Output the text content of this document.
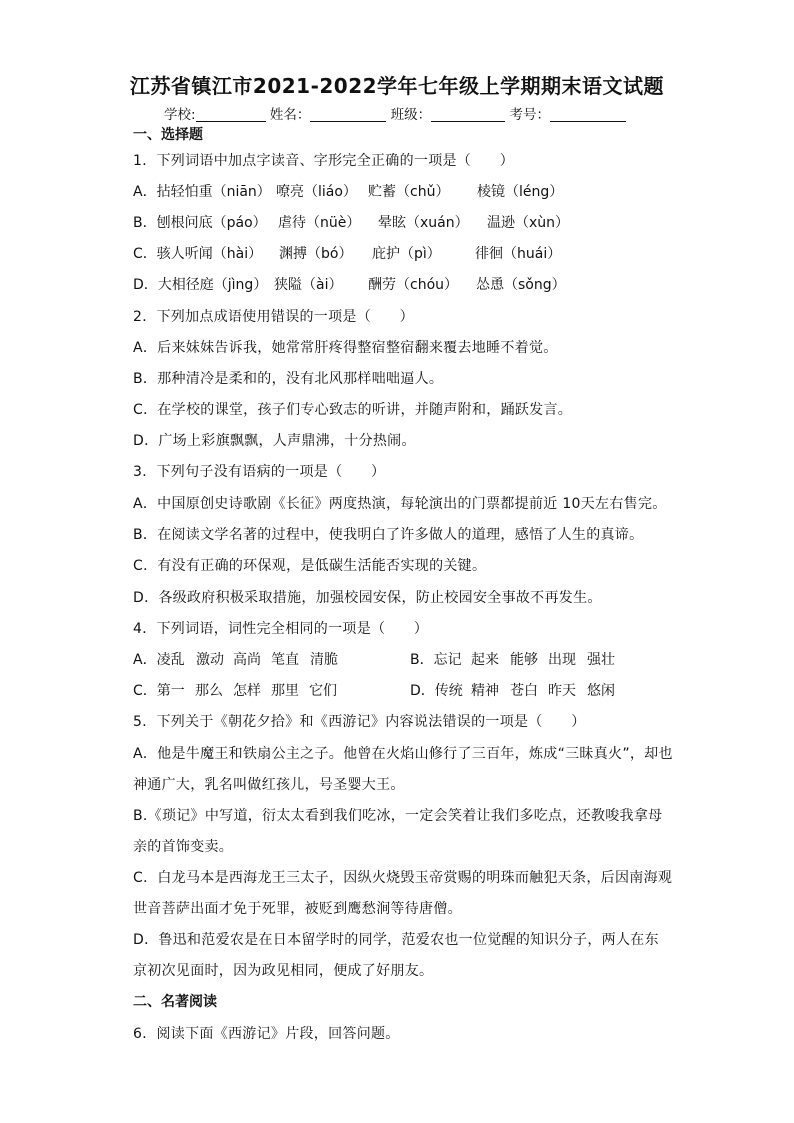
江苏省镇江市2021-2022学年七年级上学期期末语文试题
学校:	姓名：	班级：	考号：
一、选择题
1．下列词语中加点字读音、字形完全正确的一项是（　　）
A．拈轻怕重（niān） 嘹亮（liáo） 贮蓄（chǔ） 棱镜（léng）
B．刨根问底（páo） 虐待（nüè） 晕眩（xuán） 温逊（xùn）
C．骇人听闻（hài） 渊搏（bó） 庇护（pì） 徘徊（huái）
D．大相径庭（jìng） 狭隘（ài） 酬劳（chóu） 怂恿（sǒng）
2．下列加点成语使用错误的一项是（　　）
A．后来妹妹告诉我，她常常肝疼得整宿整宿翻来覆去地睡不着觉。
B．那种清冷是柔和的，没有北风那样咄咄逼人。
C．在学校的课堂，孩子们专心致志的听讲，并随声附和，踊跃发言。
D．广场上彩旗飘飘，人声鼎沸，十分热闹。
3．下列句子没有语病的一项是（　　）
A．中国原创史诗歌剧《长征》两度热演，每轮演出的门票都提前近 10天左右售完。
B．在阅读文学名著的过程中，使我明白了许多做人的道理，感悟了人生的真谛。
C．有没有正确的环保观，是低碳生活能否实现的关键。
D．各级政府积极采取措施，加强校园安保，防止校园安全事故不再发生。
4．下列词语，词性完全相同的一项是（　　）
A．凌乱 激动 高尚 笔直 清脆	B．忘记 起来 能够 出现 强壮
C．第一 那么 怎样 那里 它们	D．传统 精神 苍白 昨天 悠闲
5．下列关于《朝花夕拾》和《西游记》内容说法错误的一项是（　　）
A．他是牛魔王和铁扇公主之子。他曾在火焰山修行了三百年，炼成“三昧真火”，却也
神通广大，乳名叫做红孩儿，号圣婴大王。
B.《琐记》中写道，衍太太看到我们吃冰，一定会笑着让我们多吃点，还教唆我拿母
亲的首饰变卖。
C．白龙马本是西海龙王三太子，因纵火烧毁玉帝赏赐的明珠而触犯天条，后因南海观
世音菩萨出面才免于死罪，被贬到鹰愁涧等待唐僧。
D．鲁迅和范爱农是在日本留学时的同学，范爱农也一位觉醒的知识分子，两人在东
京初次见面时，因为政见相同，便成了好朋友。
二、名著阅读
6．阅读下面《西游记》片段，回答问题。
